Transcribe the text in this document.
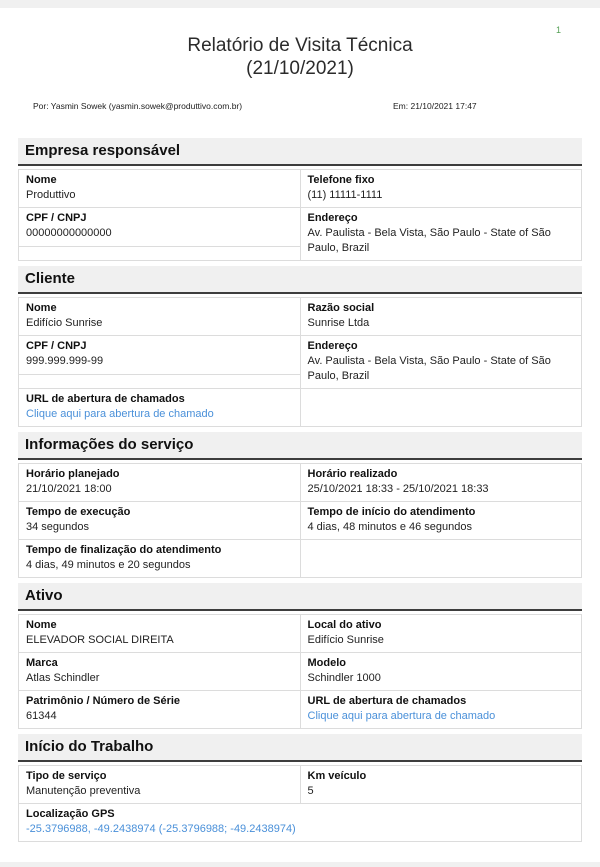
1
Relatório de Visita Técnica
(21/10/2021)
Por: Yasmin Sowek (yasmin.sowek@produttivo.com.br)	Em: 21/10/2021 17:47
Empresa responsável
Nome
Produttivo

Telefone fixo
(11) 11111-1111

CPF / CNPJ
00000000000000

Endereço
Av. Paulista - Bela Vista, São Paulo - State of São Paulo, Brazil

Cliente
Nome
Edifício Sunrise

Razão social
Sunrise Ltda

CPF / CNPJ
999.999.999-99

Endereço
Av. Paulista - Bela Vista, São Paulo - State of São Paulo, Brazil

URL de abertura de chamados
Clique aqui para abertura de chamado	

Informações do serviço
Horário planejado
21/10/2021 18:00

Horário realizado
25/10/2021 18:33 - 25/10/2021 18:33

Tempo de execução
34 segundos

Tempo de início do atendimento
4 dias, 48 minutos e 46 segundos

Tempo de finalização do atendimento
4 dias, 49 minutos e 20 segundos	

Ativo
Nome
ELEVADOR SOCIAL DIREITA

Local do ativo
Edifício Sunrise

Marca
Atlas Schindler

Modelo
Schindler 1000

Patrimônio / Número de Série
61344

URL de abertura de chamados
Clique aqui para abertura de chamado
Início do Trabalho
Tipo de serviço
Manutenção preventiva

Km veículo
5

Localização GPS
-25.3796988, -49.2438974 (-25.3796988; -49.2438974)
